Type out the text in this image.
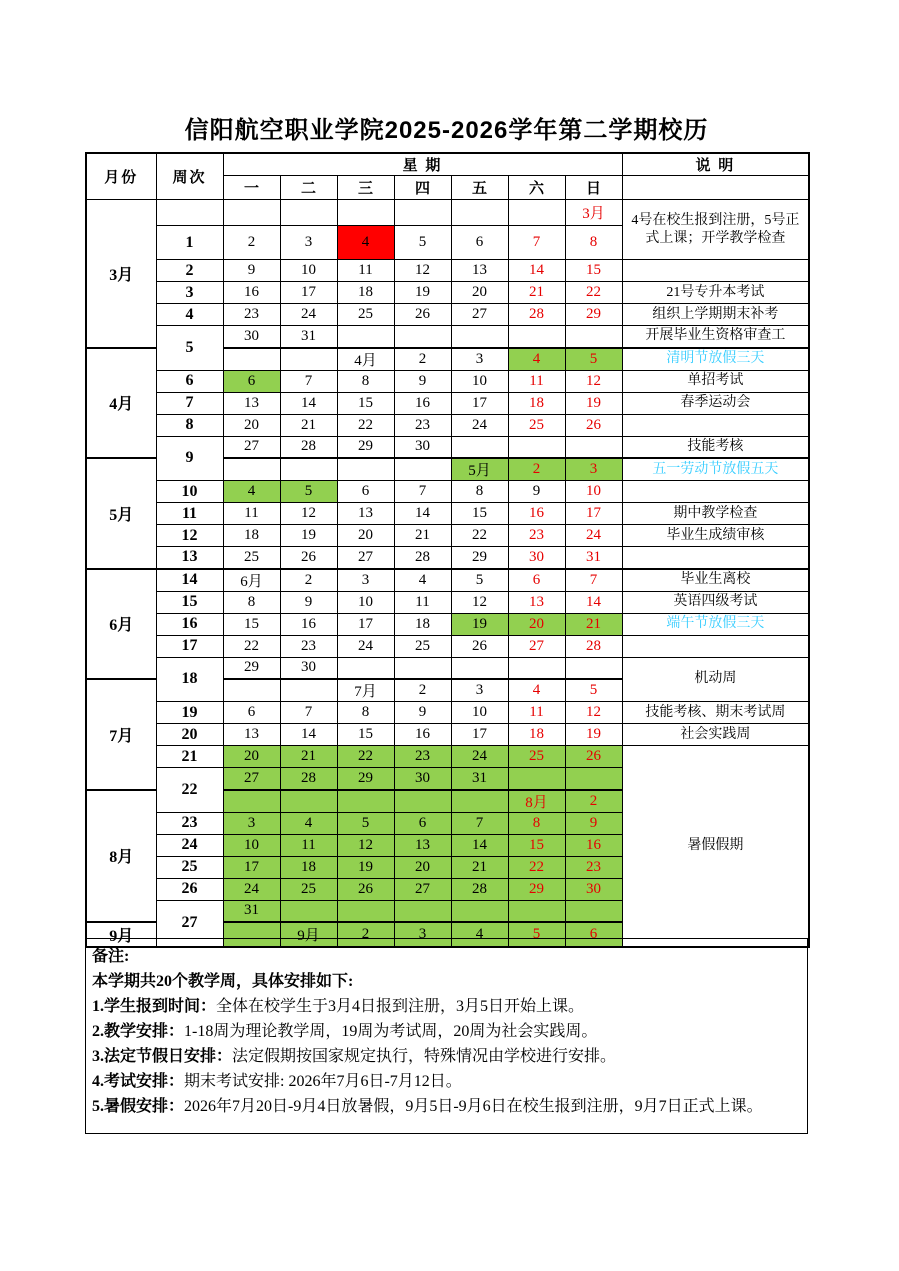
信阳航空职业学院2025-2026学年第二学期校历
月份	周次	星 期							说 明
		一	二	三	四	五	六	日	
3月								3月	4号在校生报到注册，5号正式上课；开学教学检查
	1	2	3	4	5	6	7	8	
	2	9	10	11	12	13	14	15	
	3	16	17	18	19	20	21	22	21号专升本考试
	4	23	24	25	26	27	28	29	组织上学期期末补考
	5	30	31						开展毕业生资格审查工
4月				4月	2	3	4	5	清明节放假三天
	6	6	7	8	9	10	11	12	单招考试
	7	13	14	15	16	17	18	19	春季运动会
	8	20	21	22	23	24	25	26	
	9	27	28	29	30				技能考核
5月						5月	2	3	五一劳动节放假五天
	10	4	5	6	7	8	9	10	
	11	11	12	13	14	15	16	17	期中教学检查
	12	18	19	20	21	22	23	24	毕业生成绩审核
	13	25	26	27	28	29	30	31	
6月	14	6月	2	3	4	5	6	7	毕业生离校
	15	8	9	10	11	12	13	14	英语四级考试
	16	15	16	17	18	19	20	21	端午节放假三天
	17	22	23	24	25	26	27	28	
	18	29	30						机动周
7月				7月	2	3	4	5	
	19	6	7	8	9	10	11	12	技能考核、期末考试周
	20	13	14	15	16	17	18	19	社会实践周
	21	20	21	22	23	24	25	26	暑假假期
	22	27	28	29	30	31			
8月							8月	2	
	23	3	4	5	6	7	8	9	
	24	10	11	12	13	14	15	16	
	25	17	18	19	20	21	22	23	
	26	24	25	26	27	28	29	30	
	27	31							
9月			9月	2	3	4	5	6	
备注:
本学期共20个教学周，具体安排如下:
1.学生报到时间：全体在校学生于3月4日报到注册，3月5日开始上课。
2.教学安排：1-18周为理论教学周，19周为考试周，20周为社会实践周。
3.法定节假日安排：法定假期按国家规定执行，特殊情况由学校进行安排。
4.考试安排：期末考试安排: 2026年7月6日-7月12日。
5.暑假安排：2026年7月20日-9月4日放暑假，9月5日-9月6日在校生报到注册，9月7日正式上课。
